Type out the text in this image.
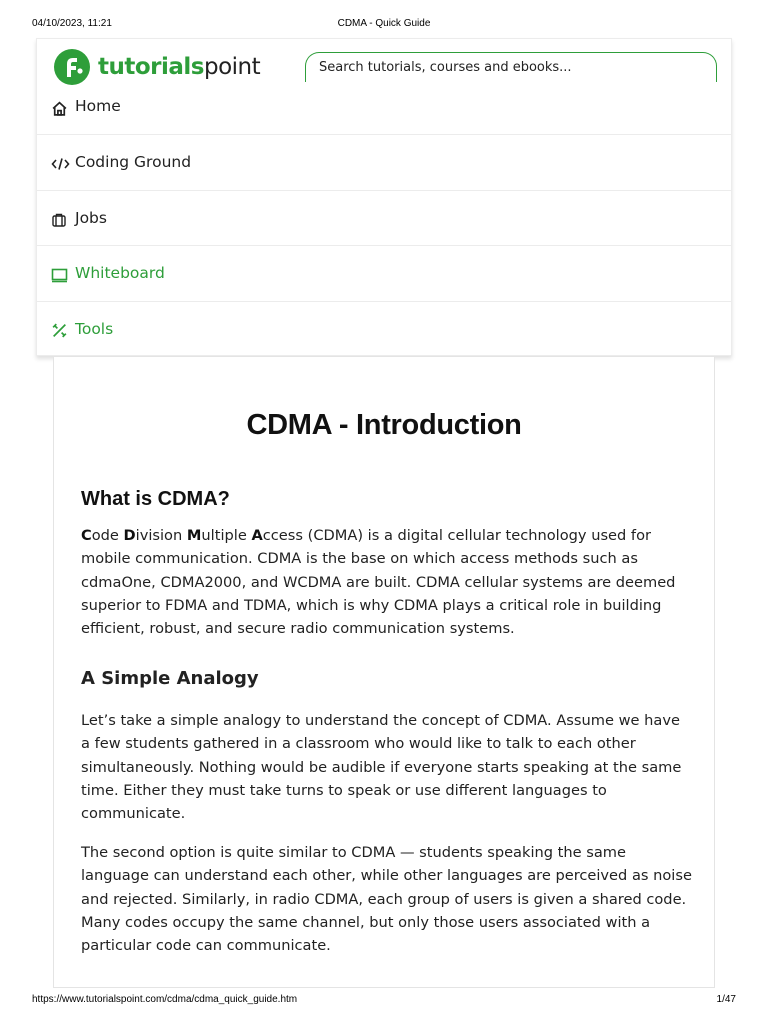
04/10/2023, 11:21	CDMA - Quick Guide
tutorialspoint	Search tutorials, courses and ebooks...
Home
Coding Ground
Jobs
Whiteboard
Tools
CDMA - Introduction
What is CDMA?

Code Division Multiple Access (CDMA) is a digital cellular technology used for mobile communication. CDMA is the base on which access methods such as cdmaOne, CDMA2000, and WCDMA are built. CDMA cellular systems are deemed superior to FDMA and TDMA, which is why CDMA plays a critical role in building efficient, robust, and secure radio communication systems.

A Simple Analogy

Let’s take a simple analogy to understand the concept of CDMA. Assume we have a few students gathered in a classroom who would like to talk to each other simultaneously. Nothing would be audible if everyone starts speaking at the same time. Either they must take turns to speak or use different languages to communicate.

The second option is quite similar to CDMA — students speaking the same language can understand each other, while other languages are perceived as noise and rejected. Similarly, in radio CDMA, each group of users is given a shared code. Many codes occupy the same channel, but only those users associated with a particular code can communicate.

https://www.tutorialspoint.com/cdma/cdma_quick_guide.htm	1/47
